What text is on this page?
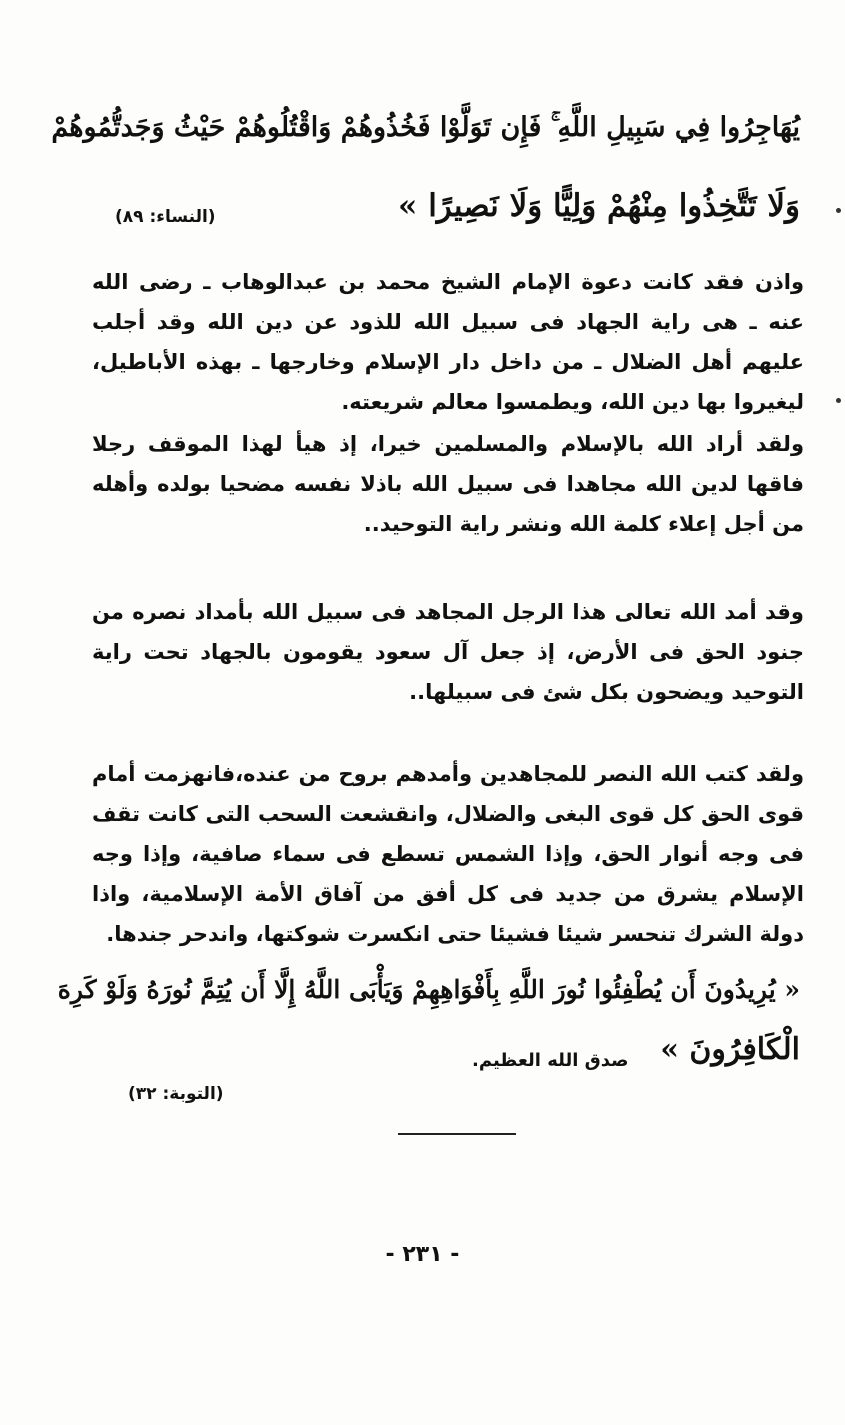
يُهَاجِرُوا فِي سَبِيلِ اللَّهِ ۚ فَإِن تَوَلَّوْا فَخُذُوهُمْ وَاقْتُلُوهُمْ حَيْثُ وَجَدتُّمُوهُمْ
وَلَا تَتَّخِذُوا مِنْهُمْ وَلِيًّا وَلَا نَصِيرًا »
(النساء: ٨٩)
واذن فقد كانت دعوة الإمام الشيخ محمد بن عبدالوهاب ـ رضى الله عنه ـ هى راية الجهاد فى سبيل الله للذود عن دين الله وقد أجلب عليهم أهل الضلال ـ من داخل دار الإسلام وخارجها ـ بهذه الأباطيل، ليغيروا بها دين الله، ويطمسوا معالم شريعته.
ولقد أراد الله بالإسلام والمسلمين خيرا، إذ هيأ لهذا الموقف رجلا فاقها لدين الله مجاهدا فى سبيل الله باذلا نفسه مضحيا بولده وأهله من أجل إعلاء كلمة الله ونشر راية التوحيد..
وقد أمد الله تعالى هذا الرجل المجاهد فى سبيل الله بأمداد نصره من جنود الحق فى الأرض، إذ جعل آل سعود يقومون بالجهاد تحت راية التوحيد ويضحون بكل شئ فى سبيلها..
ولقد كتب الله النصر للمجاهدين وأمدهم بروح من عنده،فانهزمت أمام قوى الحق كل قوى البغى والضلال، وانقشعت السحب التى كانت تقف فى وجه أنوار الحق، وإذا الشمس تسطع فى سماء صافية، وإذا وجه الإسلام يشرق من جديد فى كل أفق من آفاق الأمة الإسلامية، واذا دولة الشرك تنحسر شيئا فشيئا حتى انكسرت شوكتها، واندحر جندها.
« يُرِيدُونَ أَن يُطْفِئُوا نُورَ اللَّهِ بِأَفْوَاهِهِمْ وَيَأْبَى اللَّهُ إِلَّا أَن يُتِمَّ نُورَهُ وَلَوْ كَرِهَ
الْكَافِرُونَ »
صدق الله العظيم.
(التوبة: ٣٢)
- ٢٣١ -
